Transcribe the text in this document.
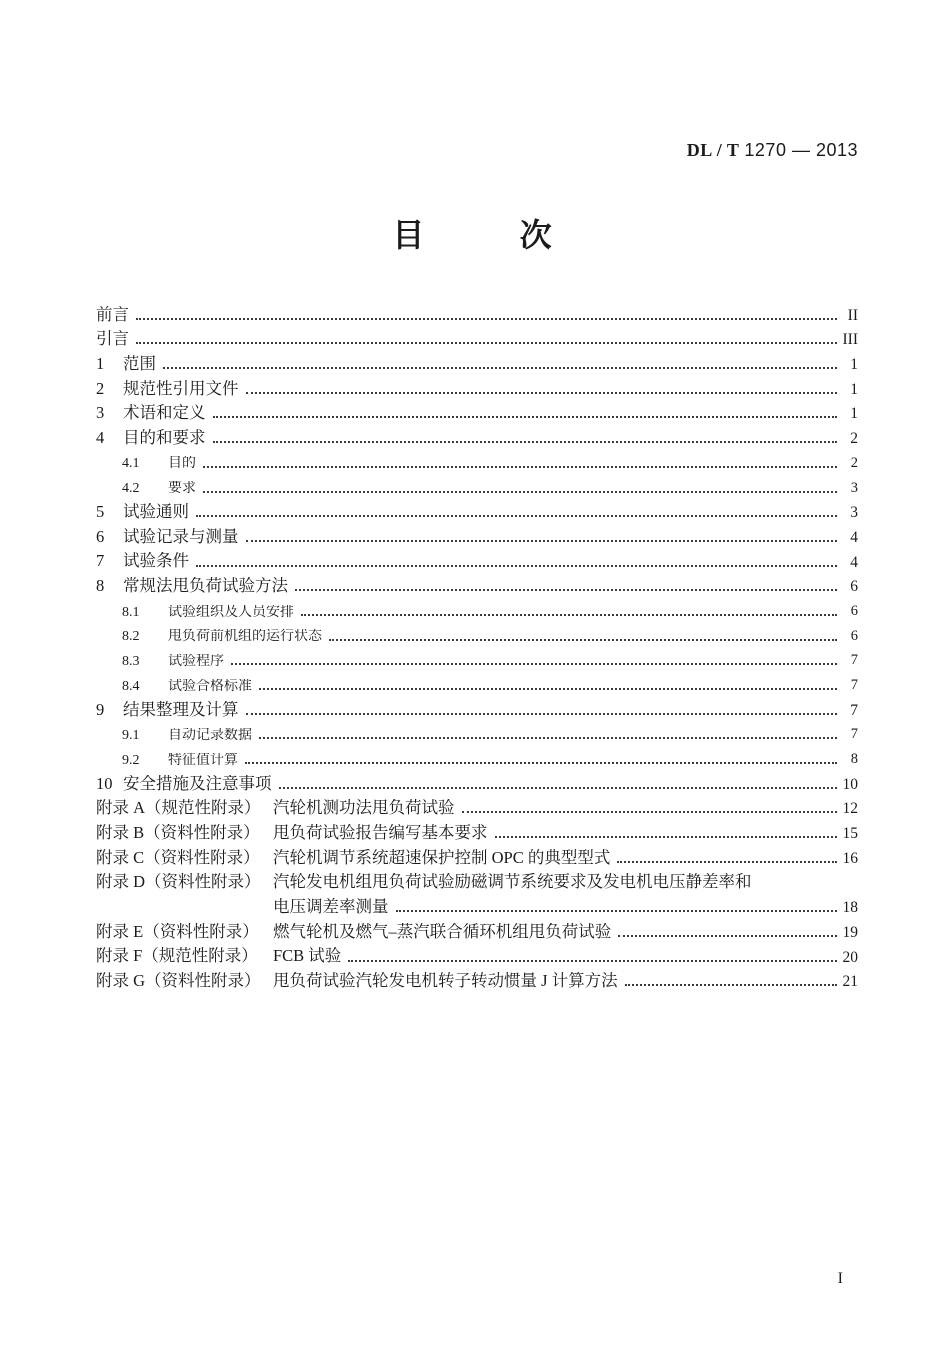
DL / T 1270 — 2013
目      次
前言	II
引言	III
1	范围	1
2	规范性引用文件	1
3	术语和定义	1
4	目的和要求	2
4.1	目的	2
4.2	要求	3
5	试验通则	3
6	试验记录与测量	4
7	试验条件	4
8	常规法甩负荷试验方法	6
8.1	试验组织及人员安排	6
8.2	甩负荷前机组的运行状态	6
8.3	试验程序	7
8.4	试验合格标准	7
9	结果整理及计算	7
9.1	自动记录数据	7
9.2	特征值计算	8
10 安全措施及注意事项	10
附录 A（规范性附录） 汽轮机测功法甩负荷试验	12
附录 B（资料性附录） 甩负荷试验报告编写基本要求	15
附录 C（资料性附录） 汽轮机调节系统超速保护控制 OPC 的典型型式	16
附录 D（资料性附录） 汽轮发电机组甩负荷试验励磁调节系统要求及发电机电压静差率和
电压调差率测量	18
附录 E（资料性附录） 燃气轮机及燃气–蒸汽联合循环机组甩负荷试验	19
附录 F（规范性附录） FCB 试验	20
附录 G（资料性附录） 甩负荷试验汽轮发电机转子转动惯量 J 计算方法	21
I
